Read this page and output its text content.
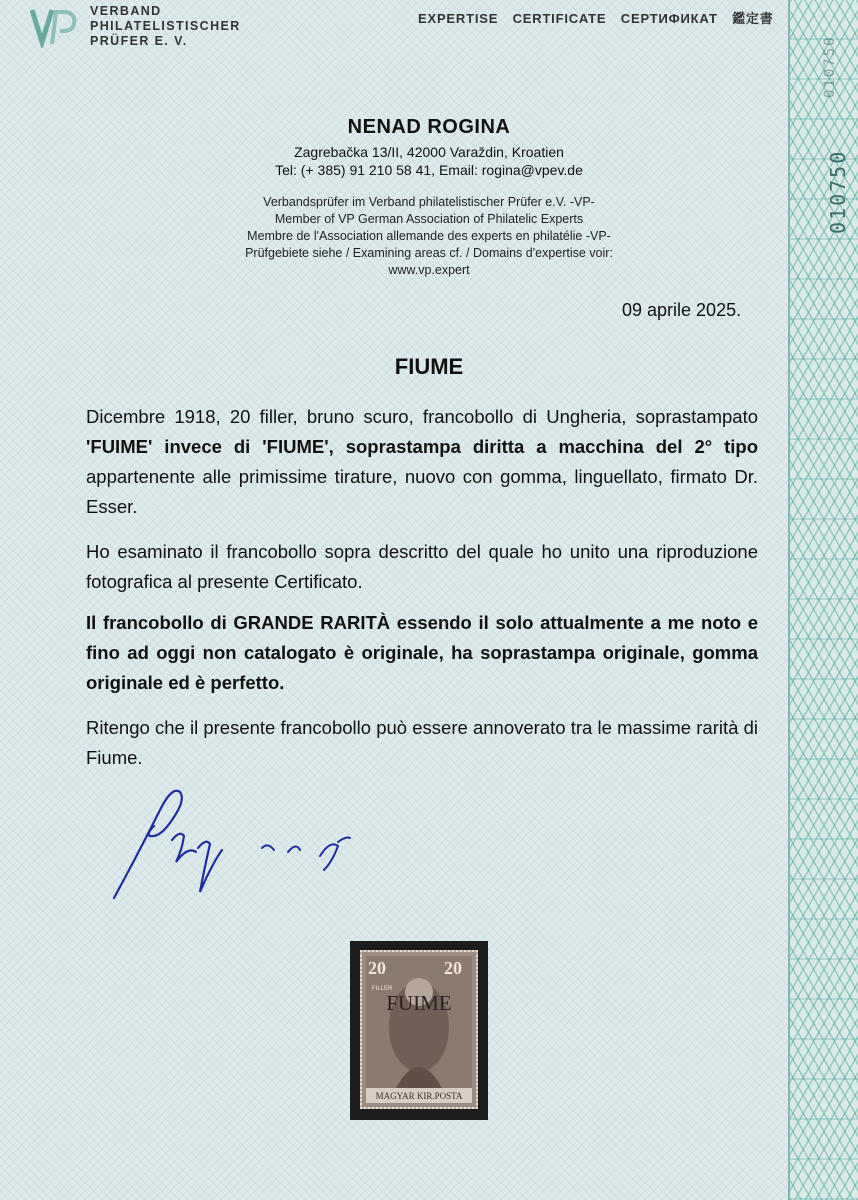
010750
010750
VERBAND
PHILATELISTISCHER
PRÜFER E. V.
EXPERTISE CERTIFICATE СЕРТИФИКАТ 鑑定書
NENAD ROGINA
Zagrebačka 13/II, 42000 Varaždin, Kroatien
Tel: (+ 385) 91 210 58 41, Email: rogina@vpev.de
Verbandsprüfer im Verband philatelistischer Prüfer e.V. -VP-
Member of VP German Association of Philatelic Experts
Membre de l'Association allemande des experts en philatélie -VP-
Prüfgebiete siehe / Examining areas cf. / Domains d'expertise voir:
www.vp.expert
09 aprile 2025.
FIUME
Dicembre 1918, 20 filler, bruno scuro, francobollo di Ungheria, soprastampato 'FUIME' invece di 'FIUME', soprastampa diritta a macchina del 2° tipo appartenente alle primissime tirature, nuovo con gomma, linguellato, firmato Dr. Esser.
Ho esaminato il francobollo sopra descritto del quale ho unito una riproduzione fotografica al presente Certificato.
Il francobollo di GRANDE RARITÀ essendo il solo attualmente a me noto e fino ad oggi non catalogato è originale, ha soprastampa originale, gomma originale ed è perfetto.
Ritengo che il presente francobollo può essere annoverato tra le massime rarità di Fiume.
20	20
FILLER
FUIME
MAGYAR KIR.POSTA
